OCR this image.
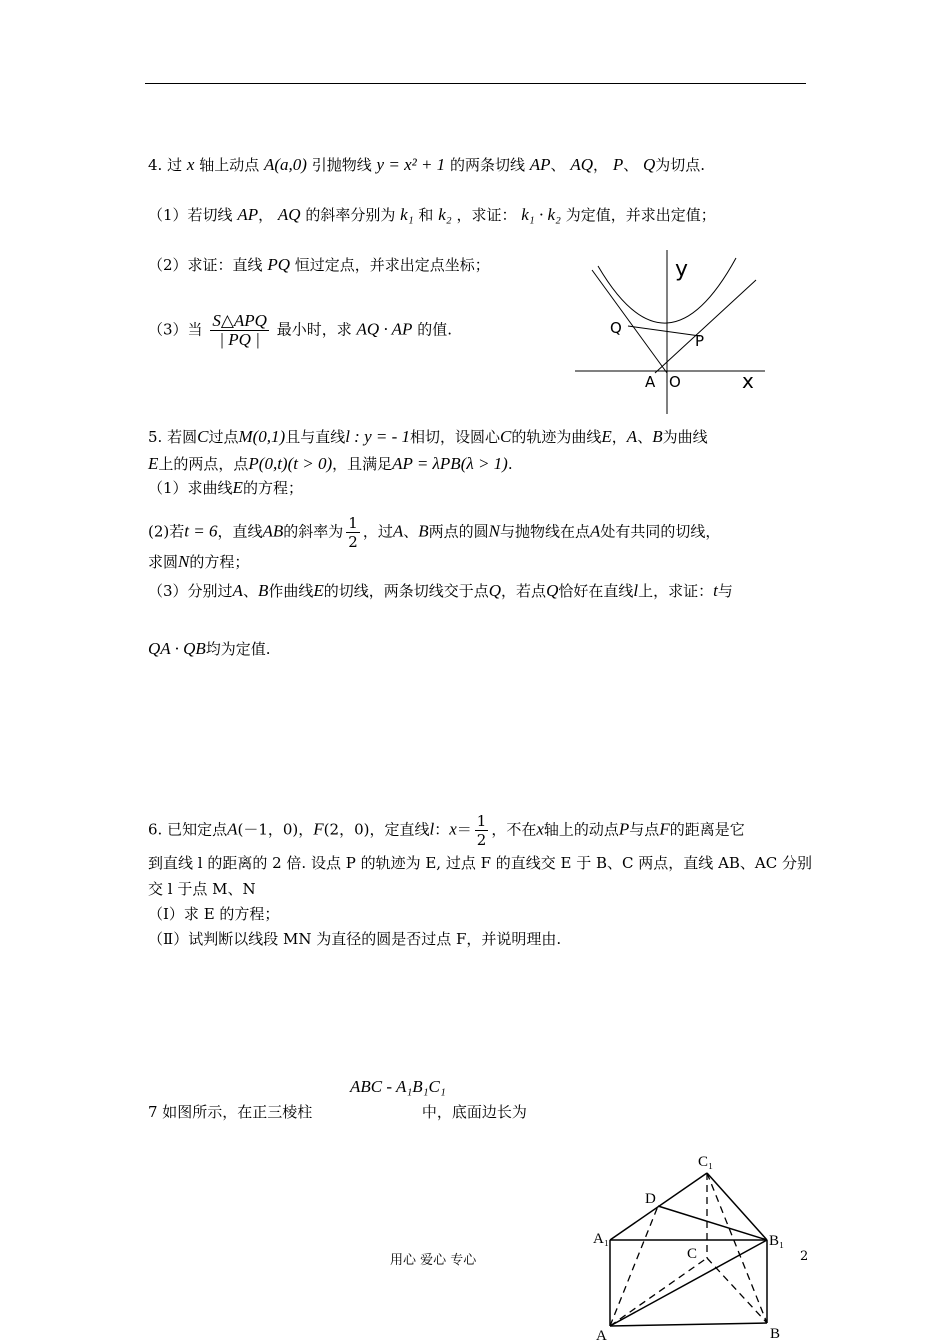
4. 过 x 轴上动点 A(a,0) 引抛物线 y = x² + 1 的两条切线 AP、 AQ， P、 Q为切点.
（1）若切线 AP， AQ 的斜率分别为 k₁ 和 k₂ ，求证： k₁ · k₂ 为定值，并求出定值；
（2）求证：直线 PQ 恒过定点，并求出定点坐标；
（3）当 $\frac{\text{S△APQ}}{| PQ |}$ 最小时，求 AQ · AP 的值.
y
x
Q
P
A O
5. 若圆C过点M(0,1)且与直线l : y = - 1相切，设圆心C的轨迹为曲线E，A、B为曲线
E上的两点，点P(0,t)(t > 0)，且满足AP = λPB(λ > 1).
（1）求曲线E的方程；
(2)若t = 6，直线AB的斜率为 $\frac{1}{2}$ ，过A、B两点的圆N与抛物线在点A处有共同的切线，
求圆N的方程；
（3）分别过A、B作曲线E的切线，两条切线交于点Q，若点Q恰好在直线l上，求证：t与
QA · QB均为定值.
6. 已知定点A(－1，0)，F(2，0)，定直线l：$x= \frac{1}{2}$ ，不在x轴上的动点P与点F的距离是它
到直线 l 的距离的 2 倍. 设点 P 的轨迹为 E, 过点 F 的直线交 E 于 B、C 两点，直线 AB、AC 分别
交 l 于点 M、N
（Ⅰ）求 E 的方程；
（Ⅱ）试判断以线段 MN 为直径的圆是否过点 F，并说明理由.
ABC - A₁B₁C₁
7 如图所示，在正三棱柱	中，底面边长为
C₁
D
A₁	B₁
C
A	B
用心 爱心 专心	2
